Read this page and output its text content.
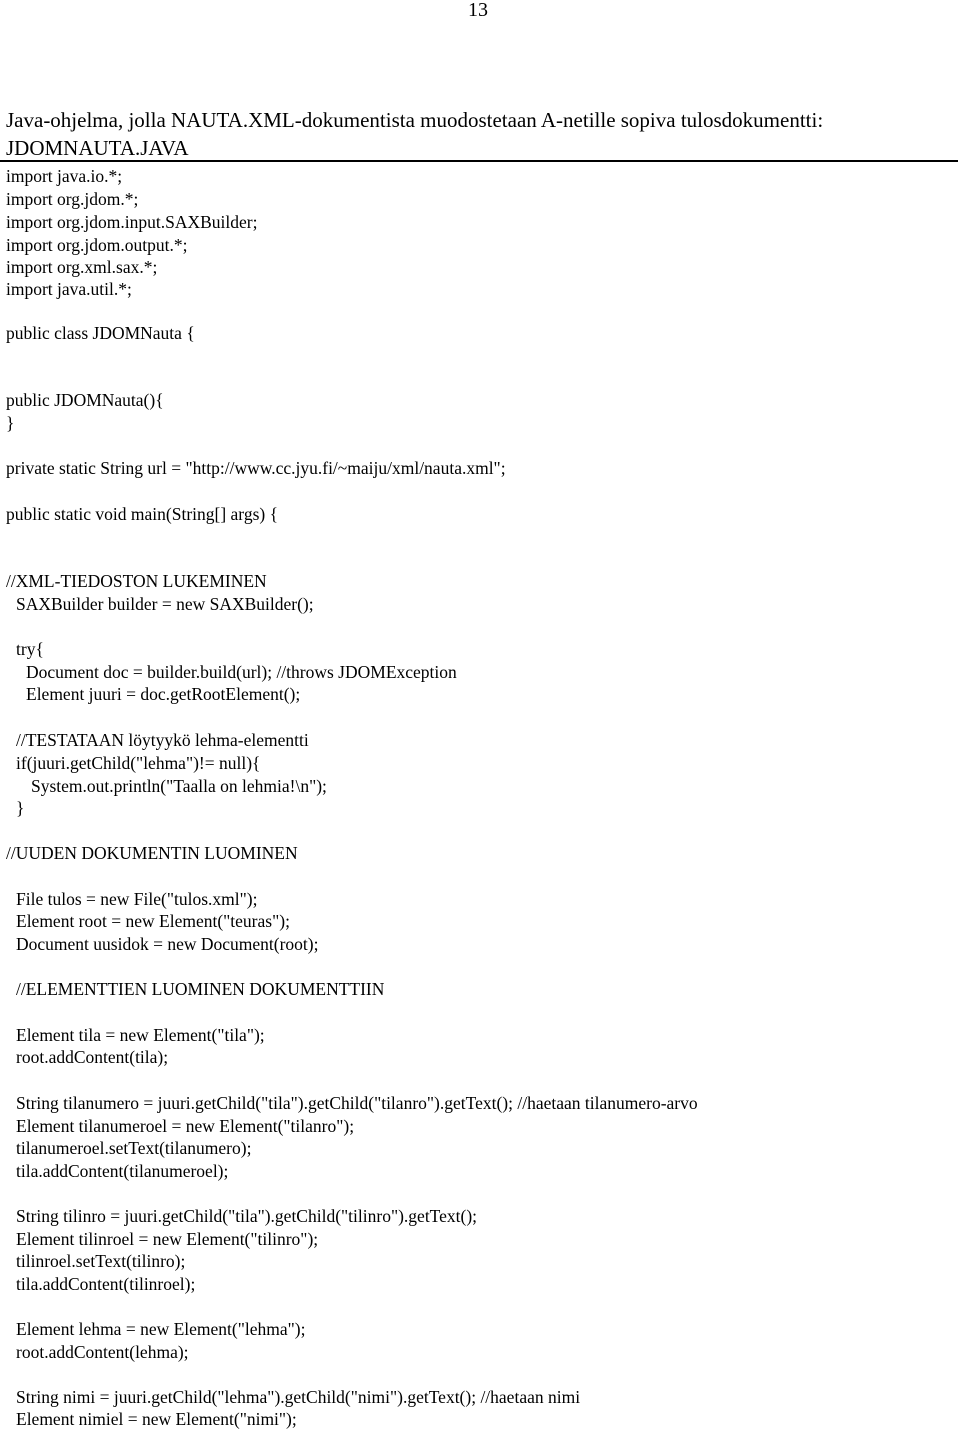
13
Java-ohjelma, jolla NAUTA.XML-dokumentista muodostetaan A-netille sopiva tulosdokumentti:
JDOMNAUTA.JAVA
import java.io.*;
import org.jdom.*;
import org.jdom.input.SAXBuilder;
import org.jdom.output.*;
import org.xml.sax.*;
import java.util.*;
public class JDOMNauta {
public JDOMNauta(){
}
private static String url = "http://www.cc.jyu.fi/~maiju/xml/nauta.xml";
public static void main(String[] args) {
//XML-TIEDOSTON LUKEMINEN
SAXBuilder builder = new SAXBuilder();
try{
Document doc = builder.build(url); //throws JDOMException
Element juuri = doc.getRootElement();
//TESTATAAN löytyykö lehma-elementti
if(juuri.getChild("lehma")!= null){
System.out.println("Taalla on lehmia!\n");
}
//UUDEN DOKUMENTIN LUOMINEN
File tulos = new File("tulos.xml");
Element root = new Element("teuras");
Document uusidok = new Document(root);
//ELEMENTTIEN LUOMINEN DOKUMENTTIIN
Element tila = new Element("tila");
root.addContent(tila);
String tilanumero = juuri.getChild("tila").getChild("tilanro").getText(); //haetaan tilanumero-arvo
Element tilanumeroel = new Element("tilanro");
tilanumeroel.setText(tilanumero);
tila.addContent(tilanumeroel);
String tilinro = juuri.getChild("tila").getChild("tilinro").getText();
Element tilinroel = new Element("tilinro");
tilinroel.setText(tilinro);
tila.addContent(tilinroel);
Element lehma = new Element("lehma");
root.addContent(lehma);
String nimi = juuri.getChild("lehma").getChild("nimi").getText(); //haetaan nimi
Element nimiel = new Element("nimi");
